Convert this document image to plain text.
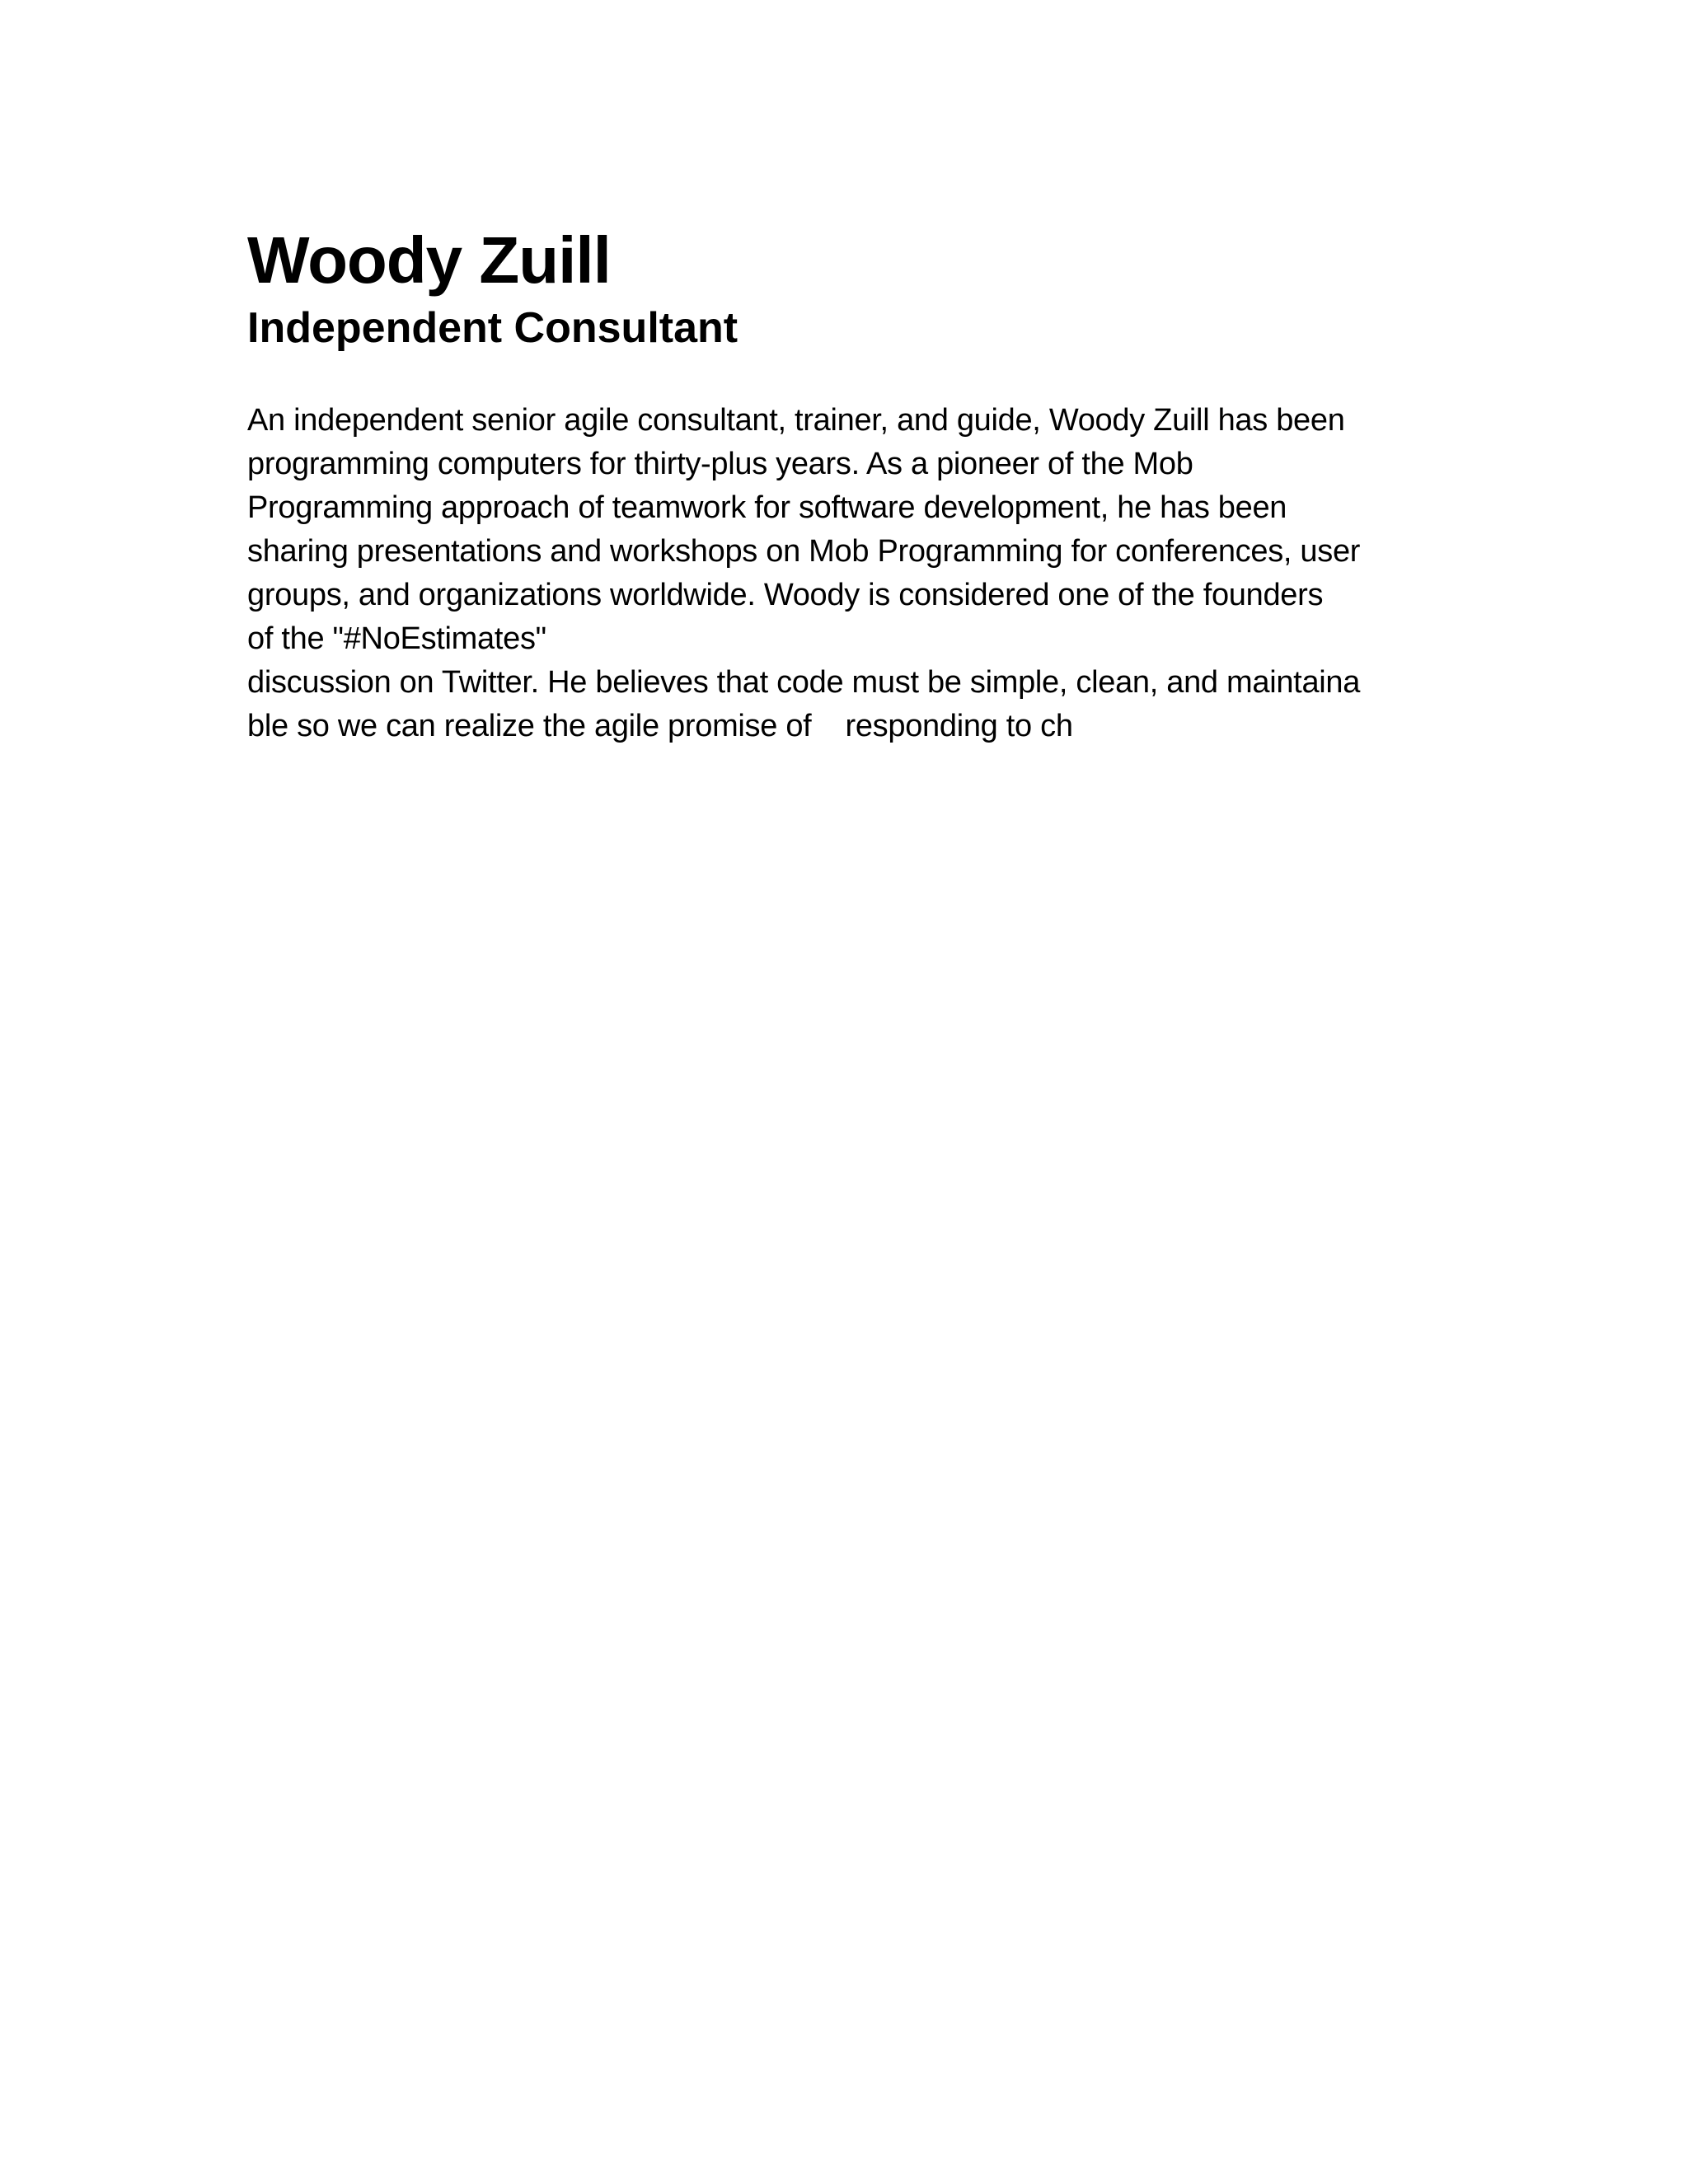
Woody Zuill
Independent Consultant
An independent senior agile consultant, trainer, and guide, Woody Zuill has been
programming computers for thirty-plus years. As a pioneer of the Mob
Programming approach of teamwork for software development, he has been
sharing presentations and workshops on Mob Programming for conferences, user
groups, and organizations worldwide. Woody is considered one of the founders
of the "#NoEstimates"
discussion on Twitter. He believes that code must be simple, clean, and maintaina
ble so we can realize the agile promise of    responding to ch
